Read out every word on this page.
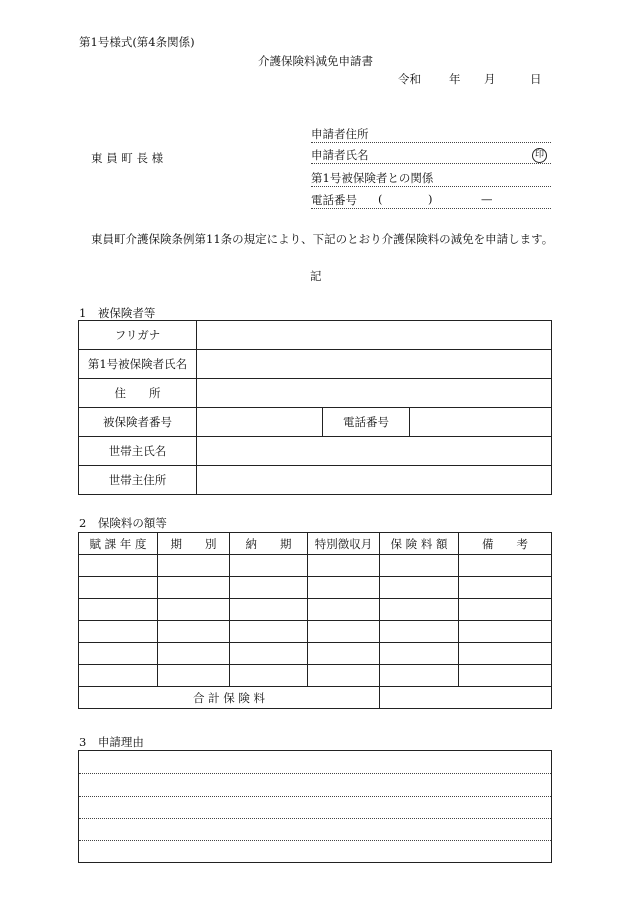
第1号様式(第4条関係)
介護保険料減免申請書
令和 年 月	日
東 員 町 長 様
申請者住所
申請者氏名	印
第1号被保険者との関係
電話番号 (	)	—
東員町介護保険条例第11条の規定により、下記のとおり介護保険料の減免を申請します。
記
1　被保険者等
フリガナ			
第1号被保険者氏名			
住　　所			
被保険者番号		電話番号	
世帯主氏名			
世帯主住所			
2　保険料の額等
賦 課 年 度	期　　別	納　　期	特別徴収月	保 険 料 額	備　　考

合 計 保 険 料					
3　申請理由
